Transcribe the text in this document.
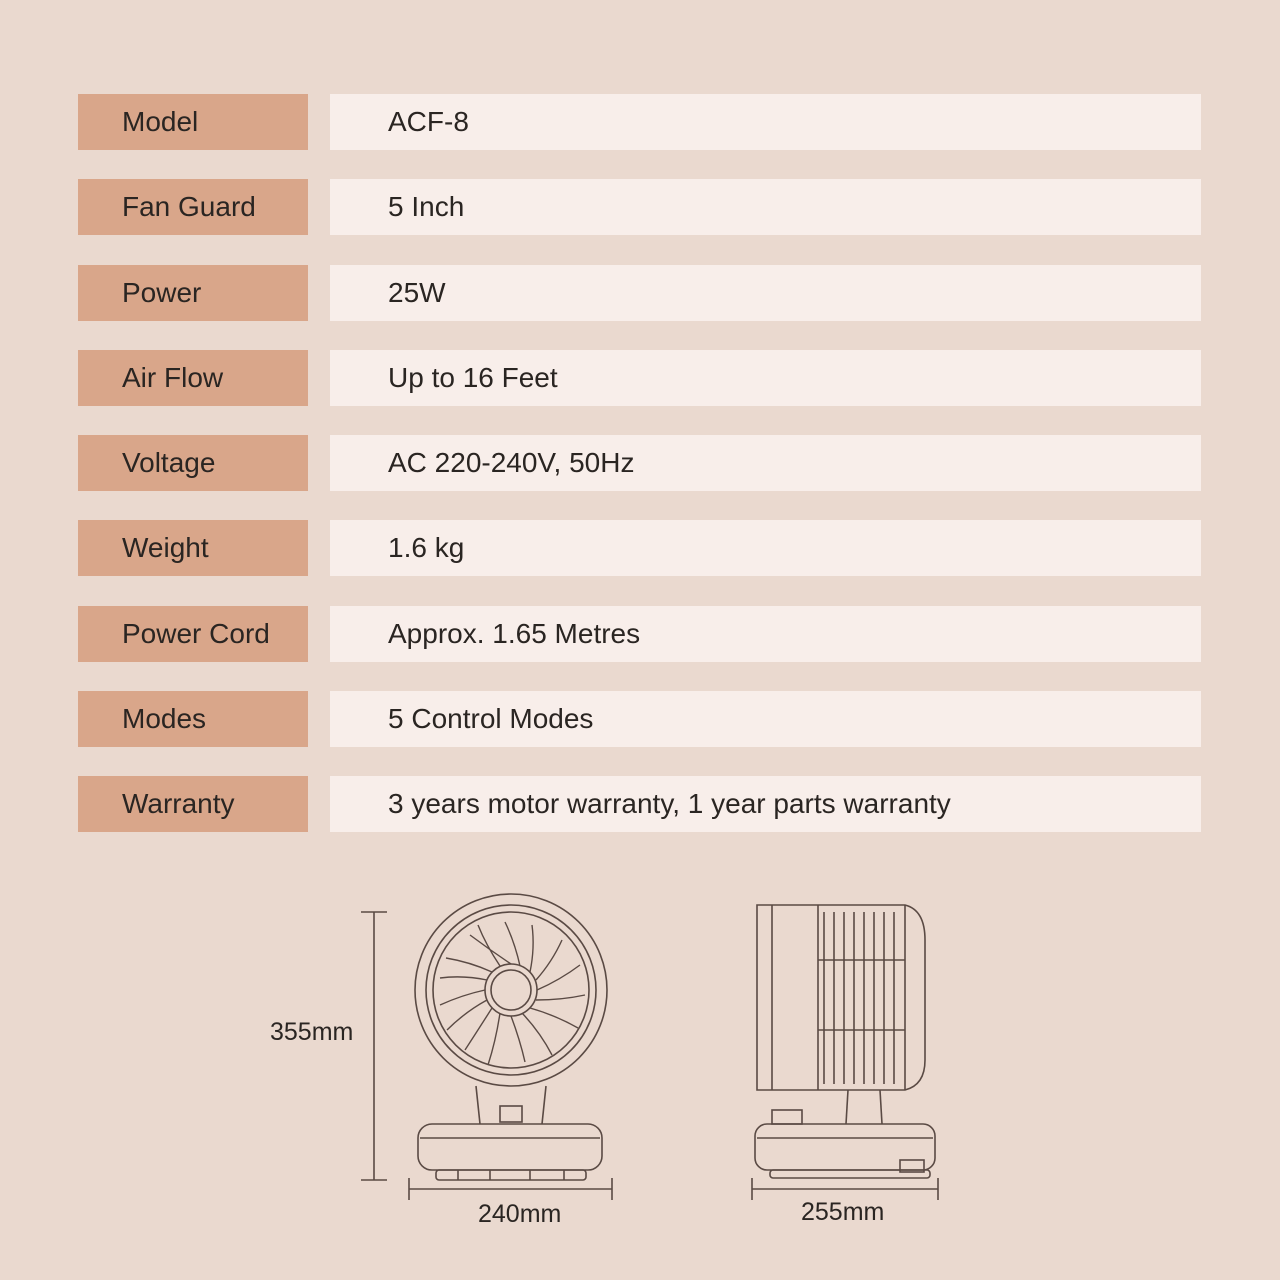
Model	ACF-8
Fan Guard	5 Inch
Power	25W
Air Flow	Up to 16 Feet
Voltage	AC 220-240V, 50Hz
Weight	1.6 kg
Power Cord	Approx. 1.65 Metres
Modes	5 Control Modes
Warranty	3 years motor warranty, 1 year parts warranty
355mm
240mm	255mm
